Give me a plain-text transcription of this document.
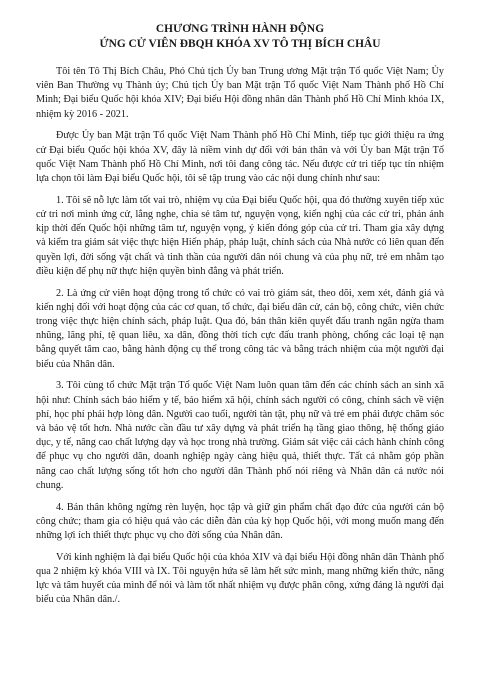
CHƯƠNG TRÌNH HÀNH ĐỘNG
ỨNG CỬ VIÊN ĐBQH KHÓA XV TÔ THỊ BÍCH CHÂU

Tôi tên Tô Thị Bích Châu, Phó Chủ tịch Ủy ban Trung ương Mặt trận Tổ quốc Việt Nam; Ủy viên Ban Thường vụ Thành ủy; Chủ tịch Ủy ban Mặt trận Tổ quốc Việt Nam Thành phố Hồ Chí Minh; Đại biểu Quốc hội khóa XIV; Đại biểu Hội đồng nhân dân Thành phố Hồ Chí Minh khóa IX, nhiệm kỳ 2016 - 2021.

Được Ủy ban Mặt trận Tổ quốc Việt Nam Thành phố Hồ Chí Minh, tiếp tục giới thiệu ra ứng cử Đại biểu Quốc hội khóa XV, đây là niềm vinh dự đối với bản thân và với Ủy ban Mặt trận Tổ quốc Việt Nam Thành phố Hồ Chí Minh, nơi tôi đang công tác. Nếu được cử tri tiếp tục tín nhiệm lựa chọn tôi làm Đại biểu Quốc hội, tôi sẽ tập trung vào các nội dung chính như sau:

1. Tôi sẽ nỗ lực làm tốt vai trò, nhiệm vụ của Đại biểu Quốc hội, qua đó thường xuyên tiếp xúc cử tri nơi mình ứng cử, lắng nghe, chia sẻ tâm tư, nguyện vọng, kiến nghị của các cử tri, phản ánh kịp thời đến Quốc hội những tâm tư, nguyện vọng, ý kiến đóng góp của cử tri. Tham gia xây dựng và kiểm tra giám sát việc thực hiện Hiến pháp, pháp luật, chính sách của Nhà nước có liên quan đến quyền lợi, đời sống vật chất và tinh thần của người dân nói chung và của phụ nữ, trẻ em nhằm tạo điều kiện để phụ nữ thực hiện quyền bình đẳng và phát triển.

2. Là ứng cử viên hoạt động trong tổ chức có vai trò giám sát, theo dõi, xem xét, đánh giá và kiến nghị đối với hoạt động của các cơ quan, tổ chức, đại biểu dân cử, cán bộ, công chức, viên chức trong việc thực hiện chính sách, pháp luật. Qua đó, bản thân kiên quyết đấu tranh ngăn ngừa tham nhũng, lãng phí, tệ quan liêu, xa dân, đồng thời tích cực đấu tranh phòng, chống các loại tệ nạn bằng quyết tâm cao, bằng hành động cụ thể trong công tác và bằng trách nhiệm của một người đại biểu của Nhân dân.

3. Tôi cùng tổ chức Mặt trận Tổ quốc Việt Nam luôn quan tâm đến các chính sách an sinh xã hội như: Chính sách bảo hiểm y tế, bảo hiểm xã hội, chính sách người có công, chính sách về viện phí, học phí phải hợp lòng dân. Người cao tuổi, người tàn tật, phụ nữ và trẻ em phải được chăm sóc và bảo vệ tốt hơn. Nhà nước cần đầu tư xây dựng và phát triển hạ tầng giao thông, hệ thống giáo dục, y tế, nâng cao chất lượng dạy và học trong nhà trường. Giám sát việc cải cách hành chính công để phục vụ cho người dân, doanh nghiệp ngày càng hiệu quả, thiết thực. Tất cả nhằm góp phần nâng cao chất lượng sống tốt hơn cho người dân Thành phố nói riêng và Nhân dân cả nước nói chung.

4. Bản thân không ngừng rèn luyện, học tập và giữ gìn phẩm chất đạo đức của người cán bộ công chức; tham gia có hiệu quả vào các diễn đàn của kỳ họp Quốc hội, với mong muốn mang đến những lợi ích thiết thực phục vụ cho đời sống của Nhân dân.

Với kinh nghiệm là đại biểu Quốc hội của khóa XIV và đại biểu Hội đồng nhân dân Thành phố qua 2 nhiệm kỳ khóa VIII và IX. Tôi nguyện hứa sẽ làm hết sức mình, mang những kiến thức, năng lực và tâm huyết của mình để nói và làm tốt nhất nhiệm vụ được phân công, xứng đáng là người đại biểu của Nhân dân./.
